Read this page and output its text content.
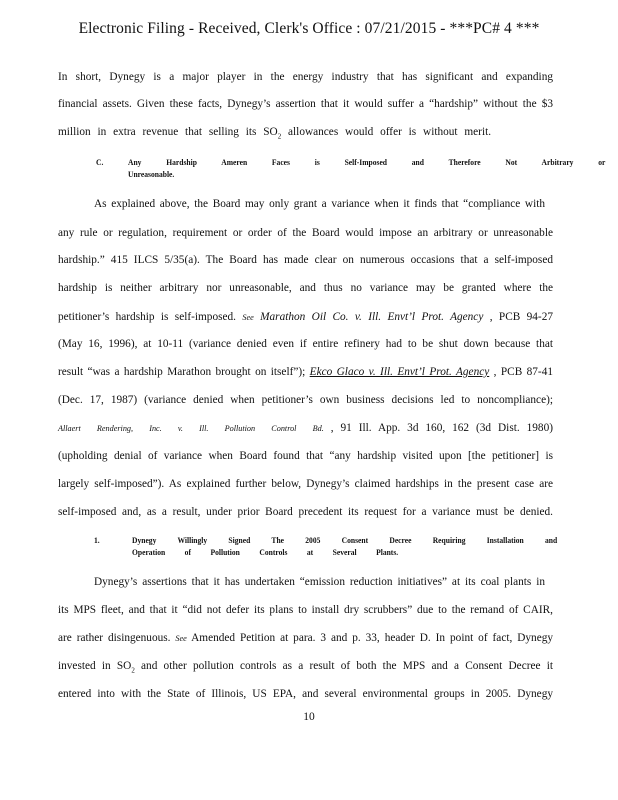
Electronic Filing - Received, Clerk's Office : 07/21/2015 - ***PC# 4 ***
In short, Dynegy is a major player in the energy industry that has significant and expanding
financial assets. Given these facts, Dynegy’s assertion that it would suffer a “hardship” without the $3
million in extra revenue that selling its $SO_2$ allowances would offer is without merit.
C.	Any Hardship Ameren Faces is Self-Imposed and Therefore Not Arbitrary or
Unreasonable.
As explained above, the Board may only grant a variance when it finds that “compliance with
any rule or regulation, requirement or order of the Board would impose an arbitrary or unreasonable
hardship.” 415 ILCS 5/35(a). The Board has made clear on numerous occasions that a self-imposed
hardship is neither arbitrary nor unreasonable, and thus no variance may be granted where the
petitioner’s hardship is self-imposed. See Marathon Oil Co. v. Ill. Envt’l Prot. Agency , PCB 94-27
(May 16, 1996), at 10-11 (variance denied even if entire refinery had to be shut down because that
result “was a hardship Marathon brought on itself”); Ekco Glaco v. Ill. Envt’l Prot. Agency , PCB 87-41
(Dec. 17, 1987) (variance denied when petitioner’s own business decisions led to noncompliance);
Allaert Rendering, Inc. v. Ill. Pollution Control Bd. , 91 Ill. App. 3d 160, 162 (3d Dist. 1980)
(upholding denial of variance when Board found that “any hardship visited upon [the petitioner] is
largely self-imposed”). As explained further below, Dynegy’s claimed hardships in the present case are
self-imposed and, as a result, under prior Board precedent its request for a variance must be denied.
1.	Dynegy Willingly Signed The 2005 Consent Decree Requiring Installation and
Operation of Pollution Controls at Several Plants.
Dynegy’s assertions that it has undertaken “emission reduction initiatives” at its coal plants in
its MPS fleet, and that it “did not defer its plans to install dry scrubbers” due to the remand of CAIR,
are rather disingenuous. See Amended Petition at para. 3 and p. 33, header D. In point of fact, Dynegy
invested in $SO_2$ and other pollution controls as a result of both the MPS and a Consent Decree it
entered into with the State of Illinois, US EPA, and several environmental groups in 2005. Dynegy
10
